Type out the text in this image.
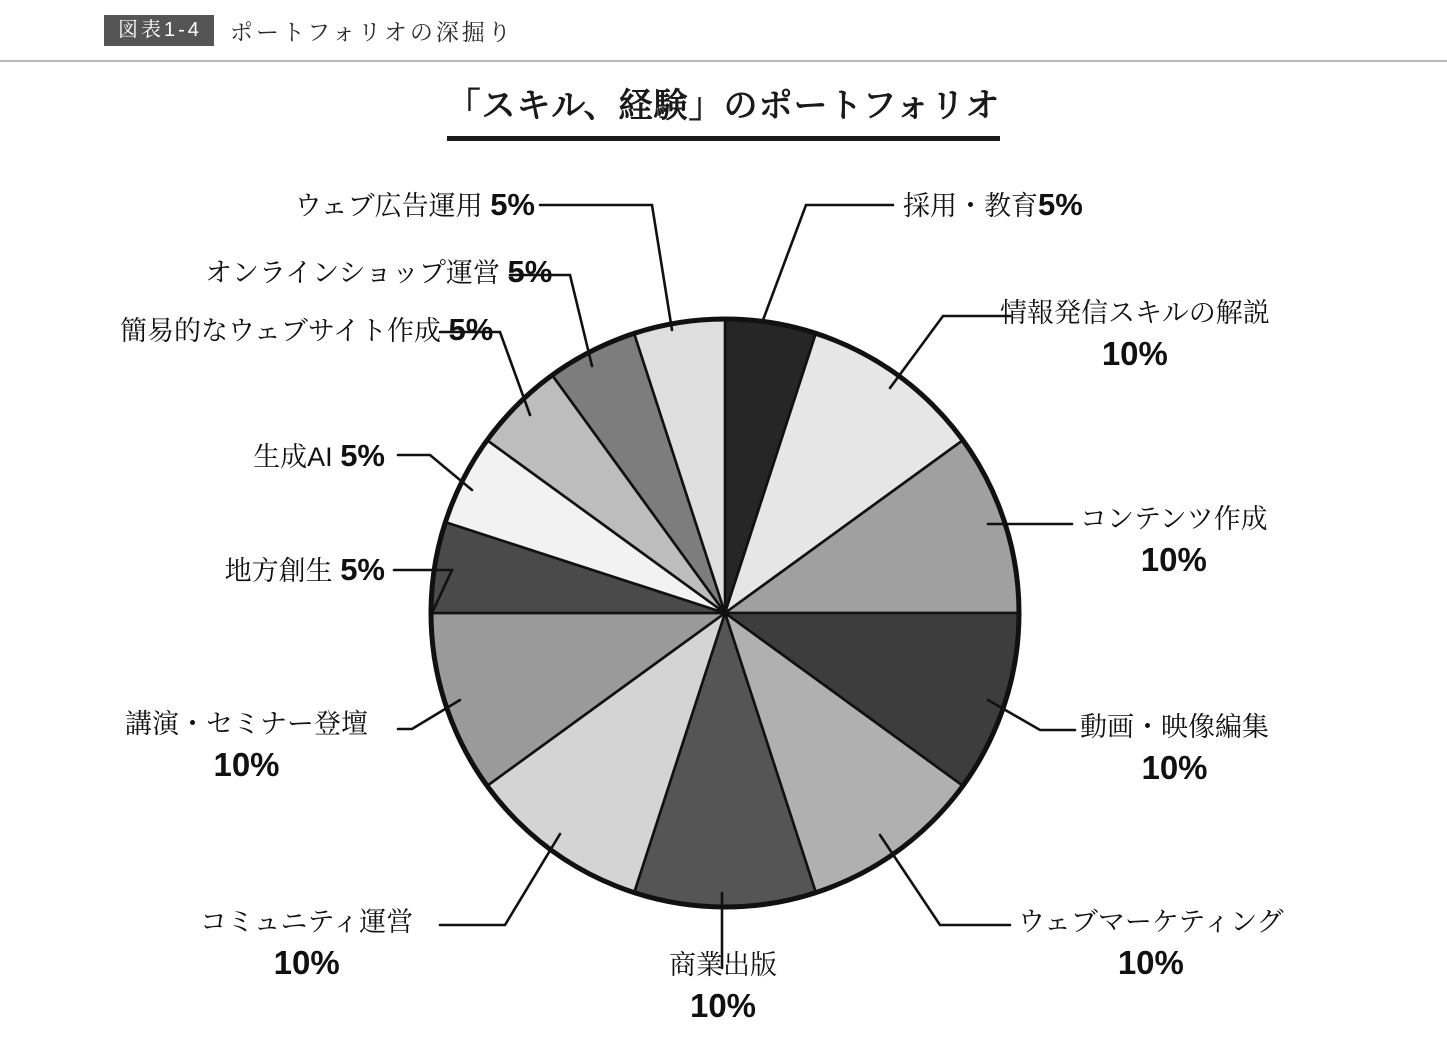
図表1-4	ポートフォリオの深掘り
「スキル、経験」のポートフォリオ
採用・教育5%
情報発信スキルの解説
10%
コンテンツ作成
10%
動画・映像編集
10%
ウェブマーケティング
10%
商業出版
10%
コミュニティ運営
10%
講演・セミナー登壇
10%
地方創生 5%
生成AI 5%
簡易的なウェブサイト作成 5%
オンラインショップ運営 5%
ウェブ広告運用 5%
